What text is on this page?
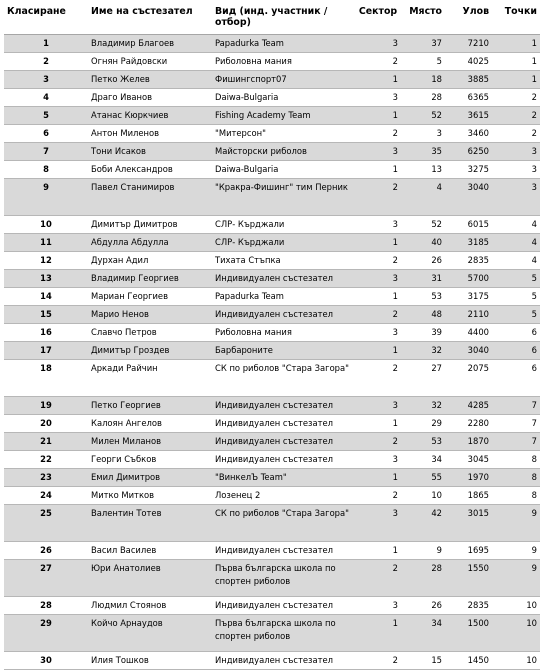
Класиране	Име на състезател	Вид (инд. участник / отбор)	Сектор	Място	Улов	Точки
1	Владимир Благоев	Papadurka Team	3	37	7210	1
2	Огнян Райдовски	Риболовна мания	2	5	4025	1
3	Петко Желев	Фишингспорт07	1	18	3885	1
4	Драго Иванов	Daiwa-Bulgaria	3	28	6365	2
5	Атанас Кюркчиев	Fishing Academy Team	1	52	3615	2
6	Антон Миленов	"Митерсон"	2	3	3460	2
7	Тони Исаков	Майсторски риболов	3	35	6250	3
8	Боби Александров	Daiwa-Bulgaria	1	13	3275	3
9	Павел Станимиров	"Кракра-Фишинг" тим Перник	2	4	3040	3
10	Димитър Димитров	СЛР- Кърджали	3	52	6015	4
11	Абдулла Абдулла	СЛР- Кърджали	1	40	3185	4
12	Дурхан Адил	Тихата Стъпка	2	26	2835	4
13	Владимир Георгиев	Индивидуален състезател	3	31	5700	5
14	Мариан Георгиев	Papadurka Team	1	53	3175	5
15	Марио Ненов	Индивидуален състезател	2	48	2110	5
16	Славчо Петров	Риболовна мания	3	39	4400	6
17	Димитър Гроздев	Барбароните	1	32	3040	6
18	Аркади Райчин	СК по риболов "Стара Загора"	2	27	2075	6
19	Петко Георгиев	Индивидуален състезател	3	32	4285	7
20	Калоян Ангелов	Индивидуален състезател	1	29	2280	7
21	Милен Миланов	Индивидуален състезател	2	53	1870	7
22	Георги Събков	Индивидуален състезател	3	34	3045	8
23	Емил Димитров	"ВинкелЪ Team"	1	55	1970	8
24	Митко Митков	Лозенец 2	2	10	1865	8
25	Валентин Тотев	СК по риболов "Стара Загора"	3	42	3015	9
26	Васил Василев	Индивидуален състезател	1	9	1695	9
27	Юри Анатолиев	Първа българска школа по спортен риболов	2	28	1550	9
28	Людмил Стоянов	Индивидуален състезател	3	26	2835	10
29	Койчо Арнаудов	Първа българска школа по спортен риболов	1	34	1500	10
30	Илия Тошков	Индивидуален състезател	2	15	1450	10
